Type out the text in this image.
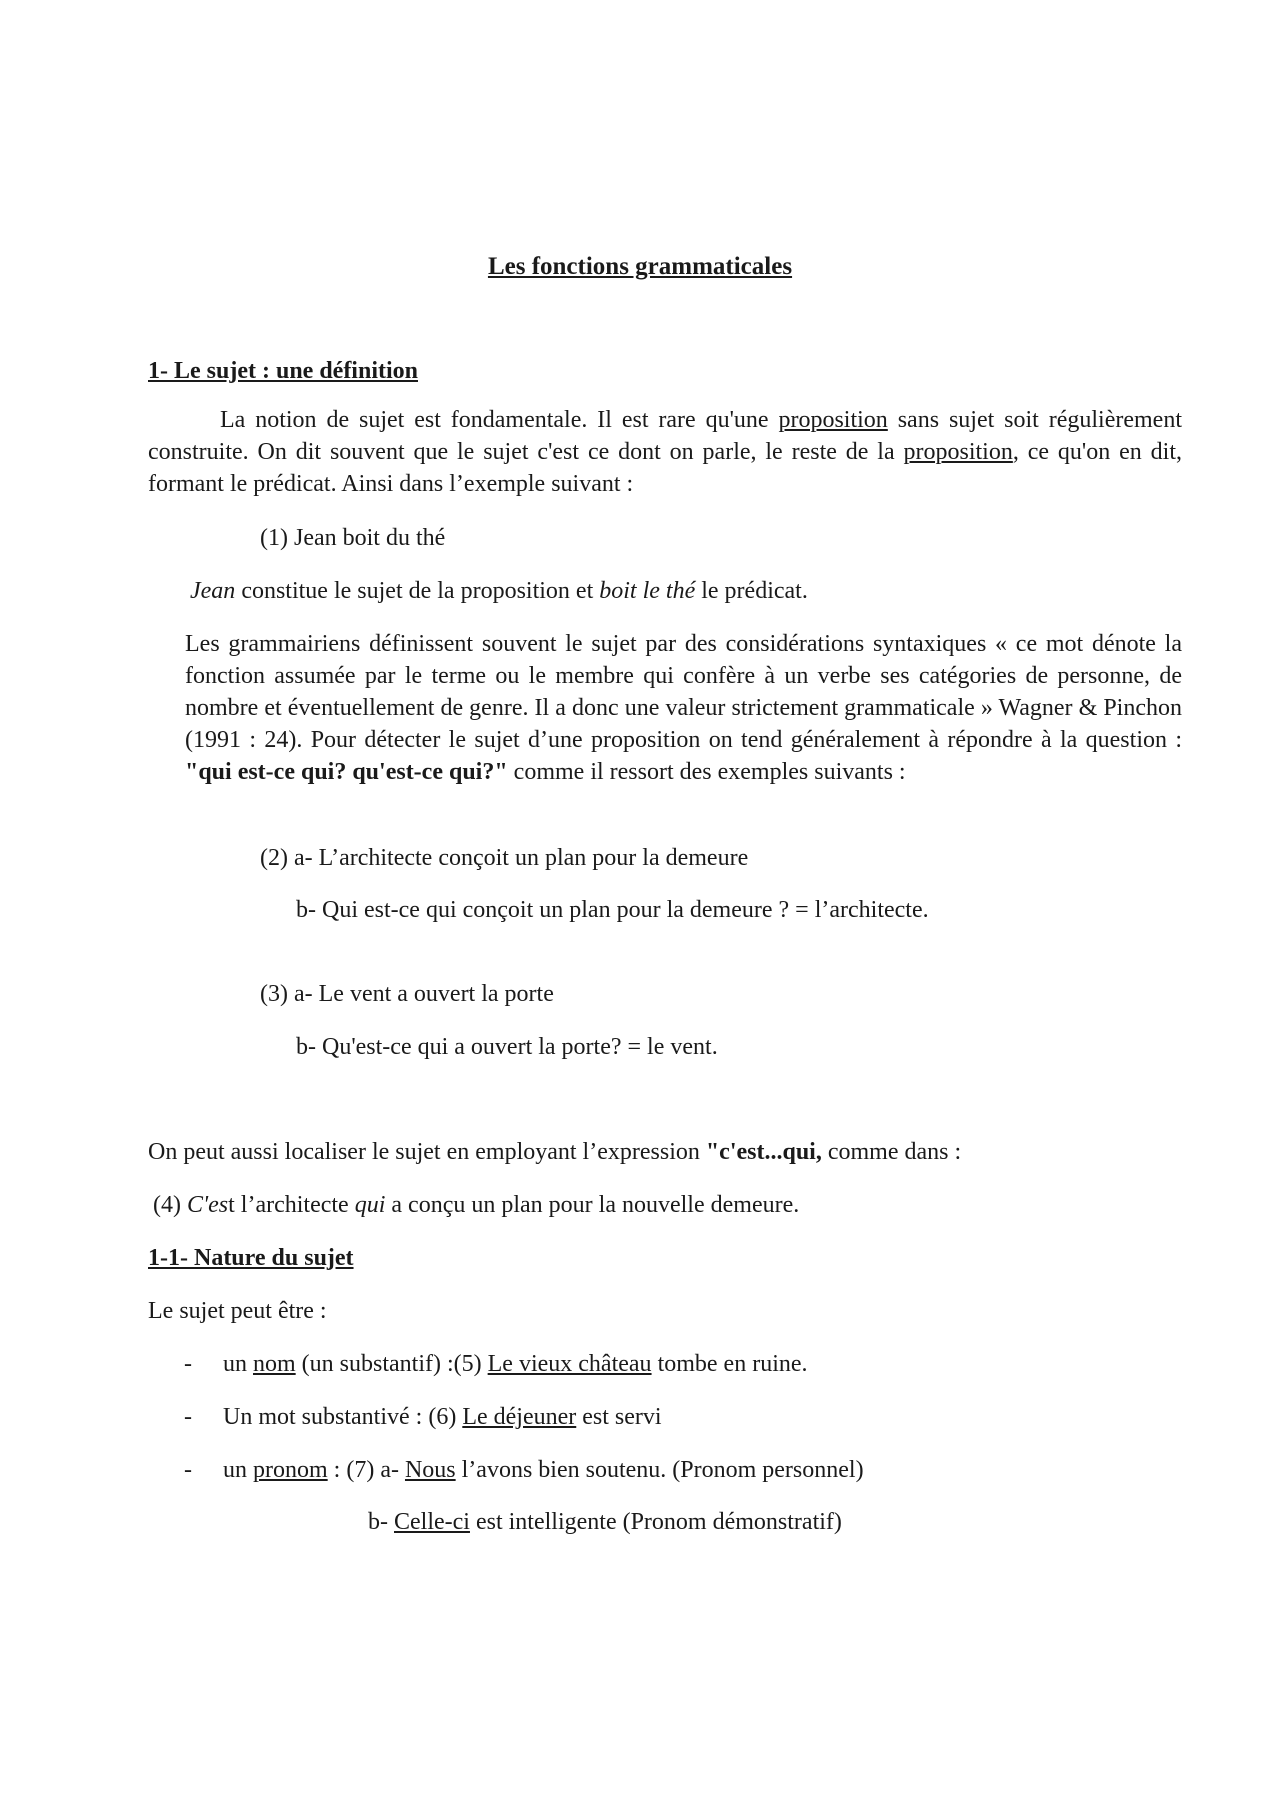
Les fonctions grammaticales
1- Le sujet : une définition

La notion de sujet est fondamentale. Il est rare qu'une proposition sans sujet soit régulièrement construite. On dit souvent que le sujet c'est ce dont on parle, le reste de la proposition, ce qu'on en dit, formant le prédicat. Ainsi dans l’exemple suivant :

(1) Jean boit du thé
Jean constitue le sujet de la proposition et boit le thé le prédicat.

Les grammairiens définissent souvent le sujet par des considérations syntaxiques « ce mot dénote la fonction assumée par le terme ou le membre qui confère à un verbe ses catégories de personne, de nombre et éventuellement de genre. Il a donc une valeur strictement grammaticale » Wagner & Pinchon (1991 : 24). Pour détecter le sujet d’une proposition on tend généralement à répondre à la question : "qui est-ce qui? qu'est-ce qui?" comme il ressort des exemples suivants :

(2) a- L’architecte conçoit un plan pour la demeure
b- Qui est-ce qui conçoit un plan pour la demeure ? = l’architecte.
(3) a- Le vent a ouvert la porte
b- Qu'est-ce qui a ouvert la porte? = le vent.
On peut aussi localiser le sujet en employant l’expression "c'est...qui, comme dans :
(4) C'est l’architecte qui a conçu un plan pour la nouvelle demeure.
1-1- Nature du sujet
Le sujet peut être :
- un nom (un substantif) :(5) Le vieux château tombe en ruine.
- Un mot substantivé : (6) Le déjeuner est servi
- un pronom : (7) a- Nous l’avons bien soutenu. (Pronom personnel)
b- Celle-ci est intelligente (Pronom démonstratif)
